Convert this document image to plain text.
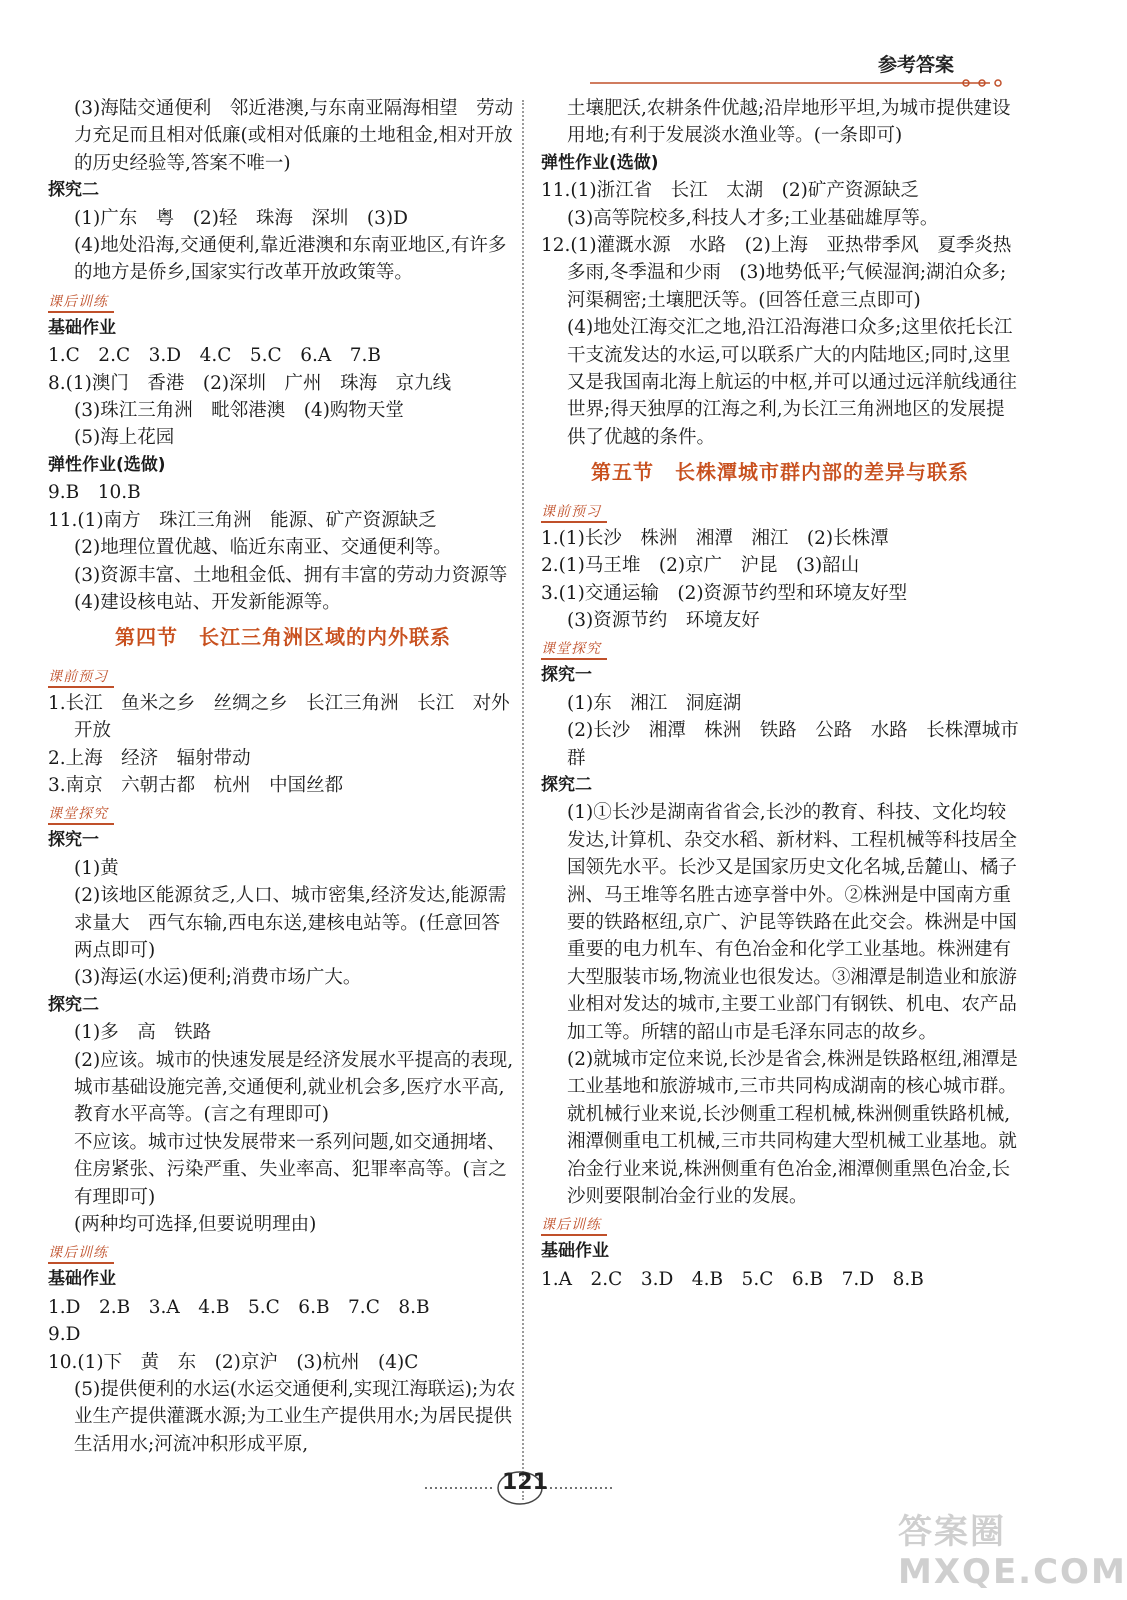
参考答案
(3)海陆交通便利　邻近港澳,与东南亚隔海相望　劳动力充足而且相对低廉(或相对低廉的土地租金,相对开放的历史经验等,答案不唯一)
探究二
(1)广东　粤　(2)轻　珠海　深圳　(3)D
(4)地处沿海,交通便利,靠近港澳和东南亚地区,有许多的地方是侨乡,国家实行改革开放政策等。
课后训练
基础作业
1.C　2.C　3.D　4.C　5.C　6.A　7.B
8.(1)澳门　香港　(2)深圳　广州　珠海　京九线
(3)珠江三角洲　毗邻港澳　(4)购物天堂
(5)海上花园
弹性作业(选做)
9.B　10.B
11.(1)南方　珠江三角洲　能源、矿产资源缺乏
(2)地理位置优越、临近东南亚、交通便利等。
(3)资源丰富、土地租金低、拥有丰富的劳动力资源等
(4)建设核电站、开发新能源等。
第四节　长江三角洲区域的内外联系
课前预习
1.长江　鱼米之乡　丝绸之乡　长江三角洲　长江　对外开放
2.上海　经济　辐射带动
3.南京　六朝古都　杭州　中国丝都
课堂探究
探究一
(1)黄
(2)该地区能源贫乏,人口、城市密集,经济发达,能源需求量大　西气东输,西电东送,建核电站等。(任意回答两点即可)
(3)海运(水运)便利;消费市场广大。
探究二
(1)多　高　铁路
(2)应该。城市的快速发展是经济发展水平提高的表现,城市基础设施完善,交通便利,就业机会多,医疗水平高,教育水平高等。(言之有理即可)
不应该。城市过快发展带来一系列问题,如交通拥堵、住房紧张、污染严重、失业率高、犯罪率高等。(言之有理即可)
(两种均可选择,但要说明理由)
课后训练
基础作业
1.D　2.B　3.A　4.B　5.C　6.B　7.C　8.B
9.D
10.(1)下　黄　东　(2)京沪　(3)杭州　(4)C
(5)提供便利的水运(水运交通便利,实现江海联运);为农业生产提供灌溉水源;为工业生产提供用水;为居民提供生活用水;河流冲积形成平原,
土壤肥沃,农耕条件优越;沿岸地形平坦,为城市提供建设用地;有利于发展淡水渔业等。(一条即可)
弹性作业(选做)
11.(1)浙江省　长江　太湖　(2)矿产资源缺乏
(3)高等院校多,科技人才多;工业基础雄厚等。
12.(1)灌溉水源　水路　(2)上海　亚热带季风　夏季炎热多雨,冬季温和少雨　(3)地势低平;气候湿润;湖泊众多;河渠稠密;土壤肥沃等。(回答任意三点即可)
(4)地处江海交汇之地,沿江沿海港口众多;这里依托长江干支流发达的水运,可以联系广大的内陆地区;同时,这里又是我国南北海上航运的中枢,并可以通过远洋航线通往世界;得天独厚的江海之利,为长江三角洲地区的发展提供了优越的条件。
第五节　长株潭城市群内部的差异与联系
课前预习
1.(1)长沙　株洲　湘潭　湘江　(2)长株潭
2.(1)马王堆　(2)京广　沪昆　(3)韶山
3.(1)交通运输　(2)资源节约型和环境友好型
(3)资源节约　环境友好
课堂探究
探究一
(1)东　湘江　洞庭湖
(2)长沙　湘潭　株洲　铁路　公路　水路　长株潭城市群
探究二
(1)①长沙是湖南省省会,长沙的教育、科技、文化均较发达,计算机、杂交水稻、新材料、工程机械等科技居全国领先水平。长沙又是国家历史文化名城,岳麓山、橘子洲、马王堆等名胜古迹享誉中外。②株洲是中国南方重要的铁路枢纽,京广、沪昆等铁路在此交会。株洲是中国重要的电力机车、有色冶金和化学工业基地。株洲建有大型服装市场,物流业也很发达。③湘潭是制造业和旅游业相对发达的城市,主要工业部门有钢铁、机电、农产品加工等。所辖的韶山市是毛泽东同志的故乡。
(2)就城市定位来说,长沙是省会,株洲是铁路枢纽,湘潭是工业基地和旅游城市,三市共同构成湖南的核心城市群。就机械行业来说,长沙侧重工程机械,株洲侧重铁路机械,湘潭侧重电工机械,三市共同构建大型机械工业基地。就冶金行业来说,株洲侧重有色冶金,湘潭侧重黑色冶金,长沙则要限制冶金行业的发展。
课后训练
基础作业
1.A　2.C　3.D　4.B　5.C　6.B　7.D　8.B
121
答案圈 MXQE.COM
